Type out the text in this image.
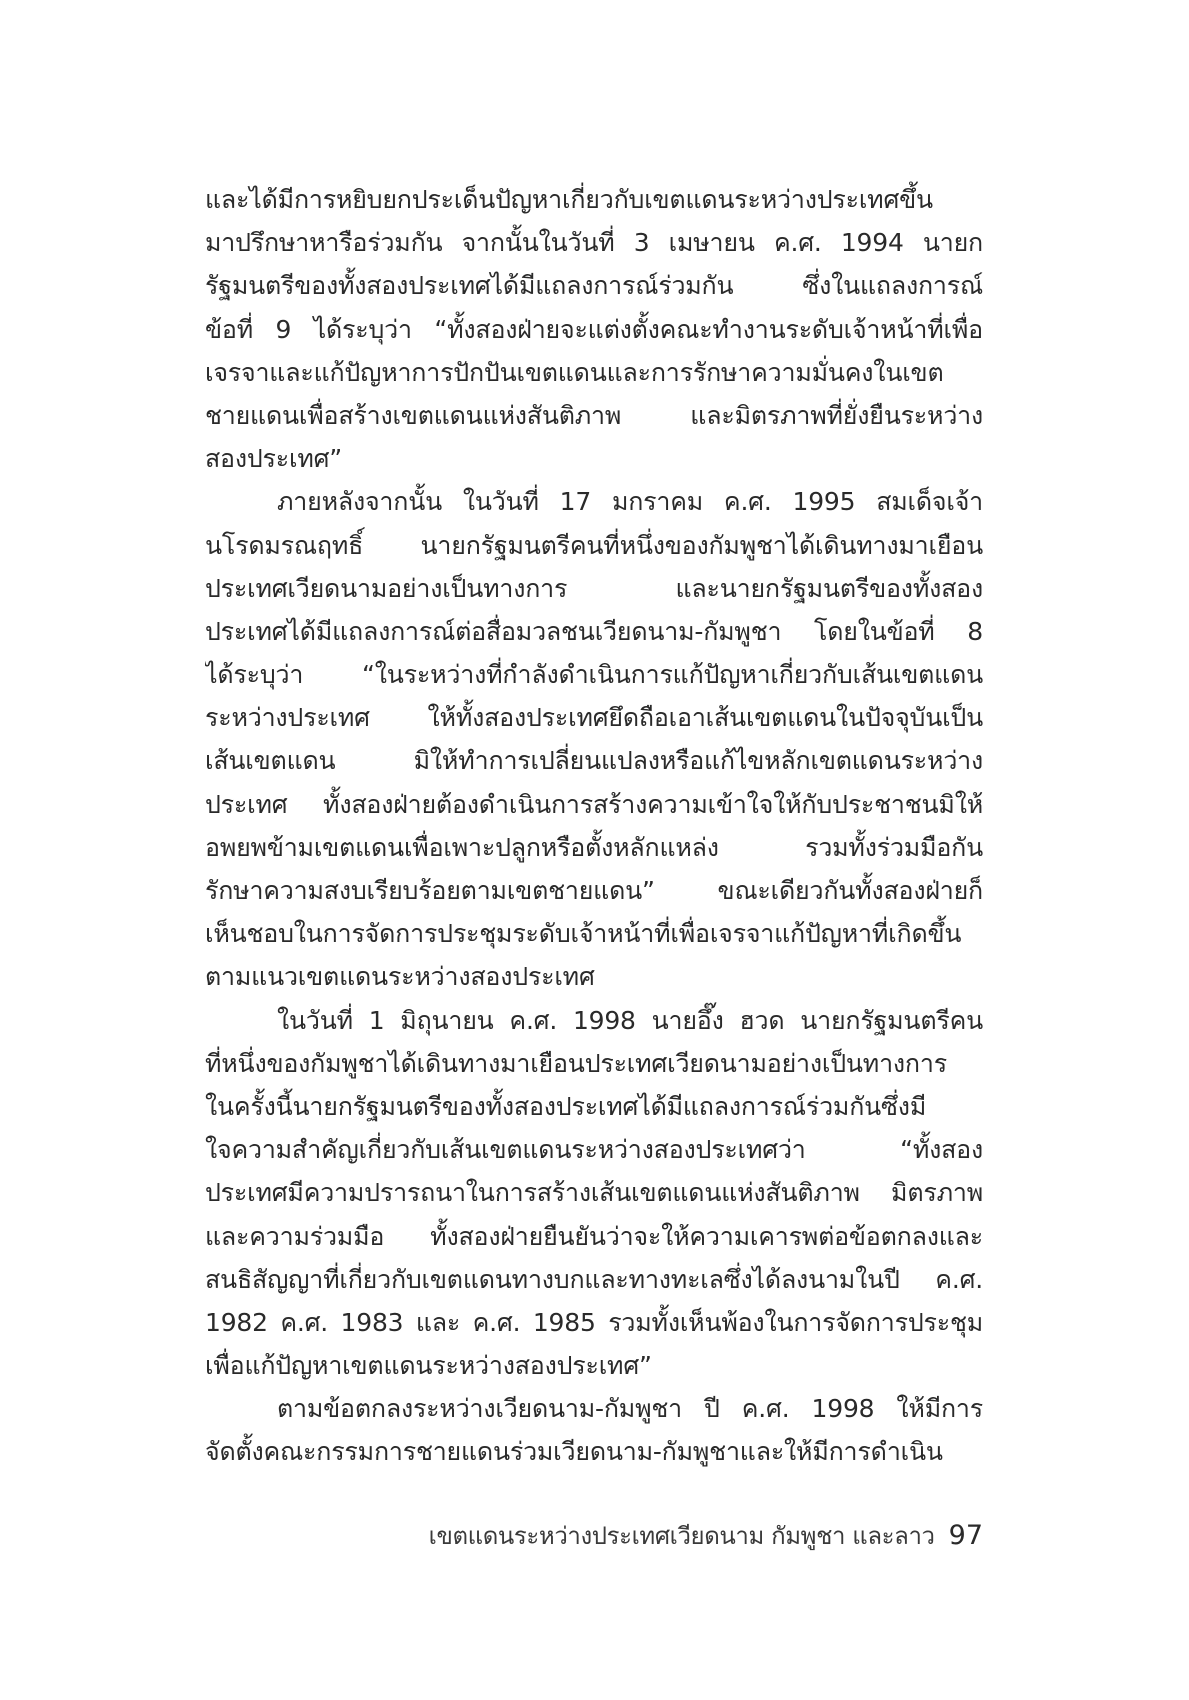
และได้มีการหยิบยกประเด็นปัญหาเกี่ยวกับเขตแดนระหว่างประเทศขึ้น
มาปรึกษาหารือร่วมกัน จากนั้นในวันที่ 3 เมษายน ค.ศ. 1994 นายก
รัฐมนตรีของทั้งสองประเทศได้มีแถลงการณ์ร่วมกัน ซึ่งในแถลงการณ์
ข้อที่ 9 ได้ระบุว่า “ทั้งสองฝ่ายจะแต่งตั้งคณะทำงานระดับเจ้าหน้าที่เพื่อ
เจรจาและแก้ปัญหาการปักปันเขตแดนและการรักษาความมั่นคงในเขต
ชายแดนเพื่อสร้างเขตแดนแห่งสันติภาพ และมิตรภาพที่ยั่งยืนระหว่าง
สองประเทศ”
ภายหลังจากนั้น ในวันที่ 17 มกราคม ค.ศ. 1995 สมเด็จเจ้า
นโรดมรณฤทธิ์ นายกรัฐมนตรีคนที่หนึ่งของกัมพูชาได้เดินทางมาเยือน
ประเทศเวียดนามอย่างเป็นทางการ และนายกรัฐมนตรีของทั้งสอง
ประเทศได้มีแถลงการณ์ต่อสื่อมวลชนเวียดนาม-กัมพูชา โดยในข้อที่ 8
ได้ระบุว่า “ในระหว่างที่กำลังดำเนินการแก้ปัญหาเกี่ยวกับเส้นเขตแดน
ระหว่างประเทศ ให้ทั้งสองประเทศยึดถือเอาเส้นเขตแดนในปัจจุบันเป็น
เส้นเขตแดน มิให้ทำการเปลี่ยนแปลงหรือแก้ไขหลักเขตแดนระหว่าง
ประเทศ ทั้งสองฝ่ายต้องดำเนินการสร้างความเข้าใจให้กับประชาชนมิให้
อพยพข้ามเขตแดนเพื่อเพาะปลูกหรือตั้งหลักแหล่ง รวมทั้งร่วมมือกัน
รักษาความสงบเรียบร้อยตามเขตชายแดน” ขณะเดียวกันทั้งสองฝ่ายก็
เห็นชอบในการจัดการประชุมระดับเจ้าหน้าที่เพื่อเจรจาแก้ปัญหาที่เกิดขึ้น
ตามแนวเขตแดนระหว่างสองประเทศ
ในวันที่ 1 มิถุนายน ค.ศ. 1998 นายอึ๊ง ฮวด นายกรัฐมนตรีคน
ที่หนึ่งของกัมพูชาได้เดินทางมาเยือนประเทศเวียดนามอย่างเป็นทางการ
ในครั้งนี้นายกรัฐมนตรีของทั้งสองประเทศได้มีแถลงการณ์ร่วมกันซึ่งมี
ใจความสำคัญเกี่ยวกับเส้นเขตแดนระหว่างสองประเทศว่า “ทั้งสอง
ประเทศมีความปรารถนาในการสร้างเส้นเขตแดนแห่งสันติภาพ มิตรภาพ
และความร่วมมือ ทั้งสองฝ่ายยืนยันว่าจะให้ความเคารพต่อข้อตกลงและ
สนธิสัญญาที่เกี่ยวกับเขตแดนทางบกและทางทะเลซึ่งได้ลงนามในปี ค.ศ.
1982 ค.ศ. 1983 และ ค.ศ. 1985 รวมทั้งเห็นพ้องในการจัดการประชุม
เพื่อแก้ปัญหาเขตแดนระหว่างสองประเทศ”
ตามข้อตกลงระหว่างเวียดนาม-กัมพูชา ปี ค.ศ. 1998 ให้มีการ
จัดตั้งคณะกรรมการชายแดนร่วมเวียดนาม-กัมพูชาและให้มีการดำเนิน
เขตแดนระหว่างประเทศเวียดนาม กัมพูชา และลาว 97
